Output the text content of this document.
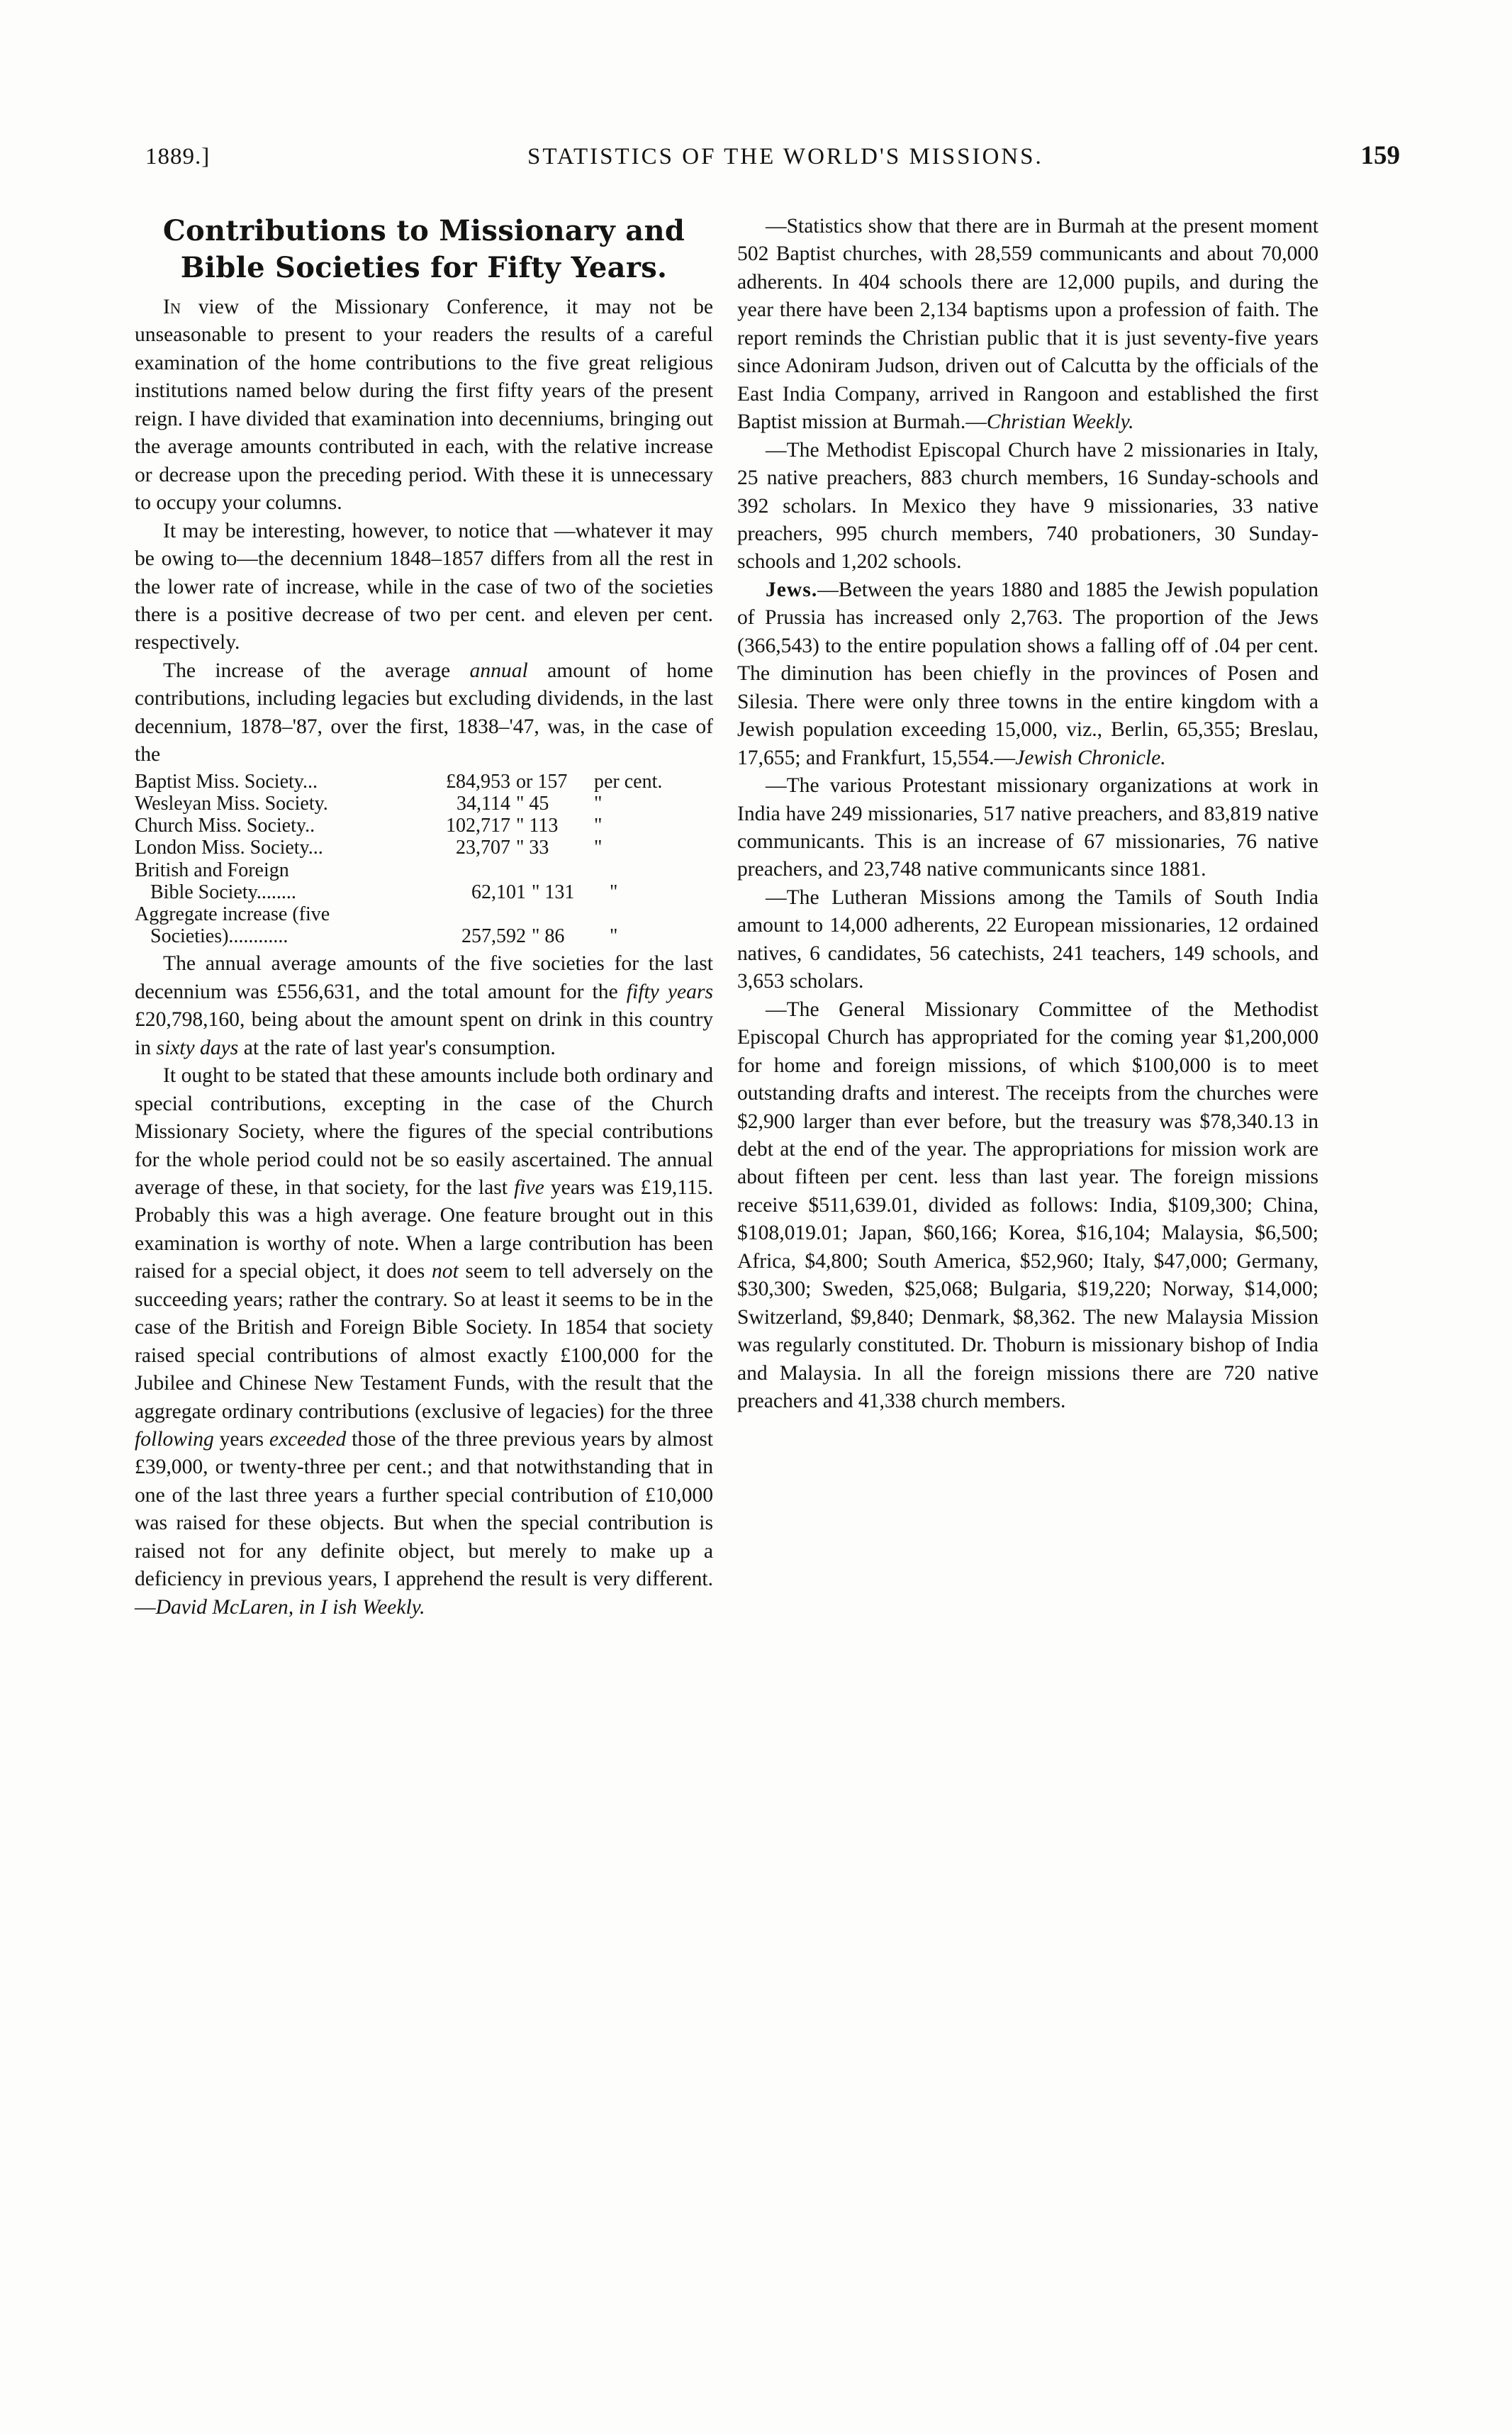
1889.]	STATISTICS OF THE WORLD'S MISSIONS.	159
Contributions to Missionary and Bible Societies for Fifty Years.

In view of the Missionary Conference, it may not be unseasonable to present to your readers the results of a careful examination of the home contributions to the five great religious institutions named below during the first fifty years of the present reign. I have divided that examination into decenniums, bringing out the average amounts contributed in each, with the relative increase or decrease upon the preceding period. With these it is unnecessary to occupy your columns.

It may be interesting, however, to notice that —whatever it may be owing to—the decennium 1848–1857 differs from all the rest in the lower rate of increase, while in the case of two of the societies there is a positive decrease of two per cent. and eleven per cent. respectively.

The increase of the average annual amount of home contributions, including legacies but excluding dividends, in the last decennium, 1878–'87, over the first, 1838–'47, was, in the case of the

Baptist Miss. Society...	£84,953 or 157	per cent.
Wesleyan Miss. Society.	34,114 " 45	"
Church Miss. Society..	102,717 " 113	"
London Miss. Society...	23,707 " 33	"
British and Foreign
Bible Society........	62,101 " 131	"
Aggregate increase (five
Societies)............	257,592 " 86	"

The annual average amounts of the five societies for the last decennium was £556,631, and the total amount for the fifty years £20,798,160, being about the amount spent on drink in this country in sixty days at the rate of last year's consumption.

It ought to be stated that these amounts include both ordinary and special contributions, excepting in the case of the Church Missionary Society, where the figures of the special contributions for the whole period could not be so easily ascertained. The annual average of these, in that society, for the last five years was £19,115. Probably this was a high average. One feature brought out in this examination is worthy of note. When a large contribution has been raised for a special object, it does not seem to tell adversely on the succeeding years; rather the contrary. So at least it seems to be in the case of the British and Foreign Bible Society. In 1854 that society raised special contributions of almost exactly £100,000 for the Jubilee and Chinese New Testament Funds, with the result that the aggregate ordinary contributions (exclusive of legacies) for the three following years exceeded those of the three previous years by almost £39,000, or twenty-three per cent.; and that notwithstanding that in one of the last three years a further special contribution of £10,000 was raised for these objects. But when the special contribution is raised not for any definite object, but merely to make up a deficiency in previous years, I apprehend the result is very different.—David McLaren, in I ish Weekly.

—Statistics show that there are in Burmah at the present moment 502 Baptist churches, with 28,559 communicants and about 70,000 adherents. In 404 schools there are 12,000 pupils, and during the year there have been 2,134 baptisms upon a profession of faith. The report reminds the Christian public that it is just seventy-five years since Adoniram Judson, driven out of Calcutta by the officials of the East India Company, arrived in Rangoon and established the first Baptist mission at Burmah.—Christian Weekly.

—The Methodist Episcopal Church have 2 missionaries in Italy, 25 native preachers, 883 church members, 16 Sunday-schools and 392 scholars. In Mexico they have 9 missionaries, 33 native preachers, 995 church members, 740 probationers, 30 Sunday-schools and 1,202 schools.

Jews.—Between the years 1880 and 1885 the Jewish population of Prussia has increased only 2,763. The proportion of the Jews (366,543) to the entire population shows a falling off of .04 per cent. The diminution has been chiefly in the provinces of Posen and Silesia. There were only three towns in the entire kingdom with a Jewish population exceeding 15,000, viz., Berlin, 65,355; Breslau, 17,655; and Frankfurt, 15,554.—Jewish Chronicle.

—The various Protestant missionary organizations at work in India have 249 missionaries, 517 native preachers, and 83,819 native communicants. This is an increase of 67 missionaries, 76 native preachers, and 23,748 native communicants since 1881.

—The Lutheran Missions among the Tamils of South India amount to 14,000 adherents, 22 European missionaries, 12 ordained natives, 6 candidates, 56 catechists, 241 teachers, 149 schools, and 3,653 scholars.

—The General Missionary Committee of the Methodist Episcopal Church has appropriated for the coming year $1,200,000 for home and foreign missions, of which $100,000 is to meet outstanding drafts and interest. The receipts from the churches were $2,900 larger than ever before, but the treasury was $78,340.13 in debt at the end of the year. The appropriations for mission work are about fifteen per cent. less than last year. The foreign missions receive $511,639.01, divided as follows: India, $109,300; China, $108,019.01; Japan, $60,166; Korea, $16,104; Malaysia, $6,500; Africa, $4,800; South America, $52,960; Italy, $47,000; Germany, $30,300; Sweden, $25,068; Bulgaria, $19,220; Norway, $14,000; Switzerland, $9,840; Denmark, $8,362. The new Malaysia Mission was regularly constituted. Dr. Thoburn is missionary bishop of India and Malaysia. In all the foreign missions there are 720 native preachers and 41,338 church members.
